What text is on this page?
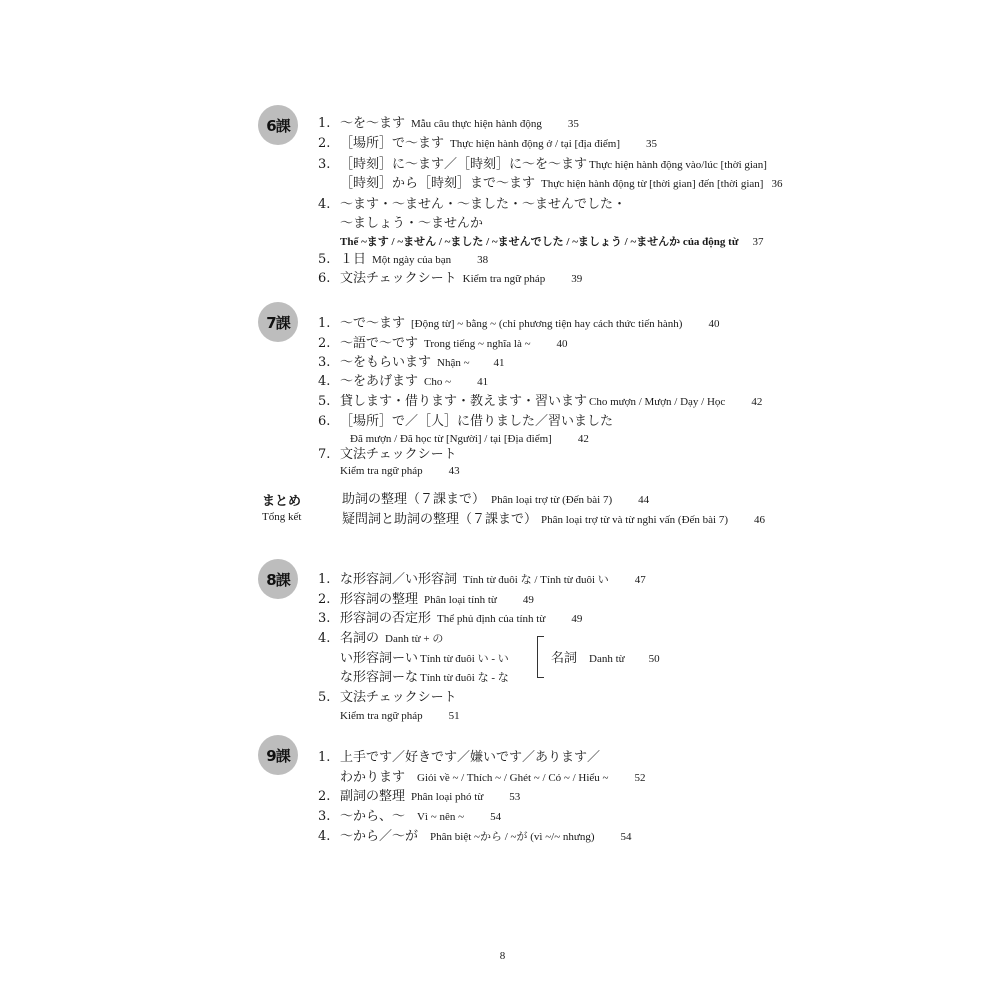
6課	1. ～を～ます Mẫu câu thực hiện hành động 35
2. ［場所］で～ます Thực hiện hành động ở / tại [địa điểm] 35
3. ［時刻］に～ます／［時刻］に～を～ます Thực hiện hành động vào/lúc [thời gian]
［時刻］から［時刻］まで～ます Thực hiện hành động từ [thời gian] đến [thời gian] 36
4. ～ます・～ません・～ました・～ませんでした・
～ましょう・～ませんか
Thể ~ます / ~ません / ~ました / ~ませんでした / ~ましょう / ~ませんか của động từ 37
5. １日 Một ngày của bạn 38
6. 文法チェックシート Kiểm tra ngữ pháp 39
7課	1. ～で～ます [Động từ] ~ bằng ~ (chỉ phương tiện hay cách thức tiến hành) 40
2. ～語で～です Trong tiếng ~ nghĩa là ~ 40
3. ～をもらいます Nhận ~ 41
4. ～をあげます Cho ~ 41
5. 貸します・借ります・教えます・習います Cho mượn / Mượn / Dạy / Học 42
6. ［場所］で／［人］に借りました／習いました
Đã mượn / Đã học từ [Người] / tại [Địa điểm] 42
7. 文法チェックシート
Kiểm tra ngữ pháp 43
まとめ
Tổng kết
助詞の整理（７課まで） Phân loại trợ từ (Đến bài 7) 44
疑問詞と助詞の整理（７課まで） Phân loại trợ từ và từ nghi vấn (Đến bài 7) 46
8課	1. な形容詞／い形容詞 Tính từ đuôi な / Tính từ đuôi い 47
2. 形容詞の整理 Phân loại tính từ 49
3. 形容詞の否定形 Thể phủ định của tính từ 49
4. 名詞の Danh từ + の
い形容詞ーい Tính từ đuôi い - い
な形容詞ーな Tính từ đuôi な - な
名詞 Danh từ 50
5. 文法チェックシート
Kiểm tra ngữ pháp 51
9課	1. 上手です／好きです／嫌いです／あります／
わかります Giỏi về ~ / Thích ~ / Ghét ~ / Có ~ / Hiểu ~ 52
2. 副詞の整理 Phân loại phó từ 53
3. ～から、～ Vì ~ nên ~ 54
4. ～から／～が Phân biệt ~から / ~が (vì ~/~ nhưng) 54
8
